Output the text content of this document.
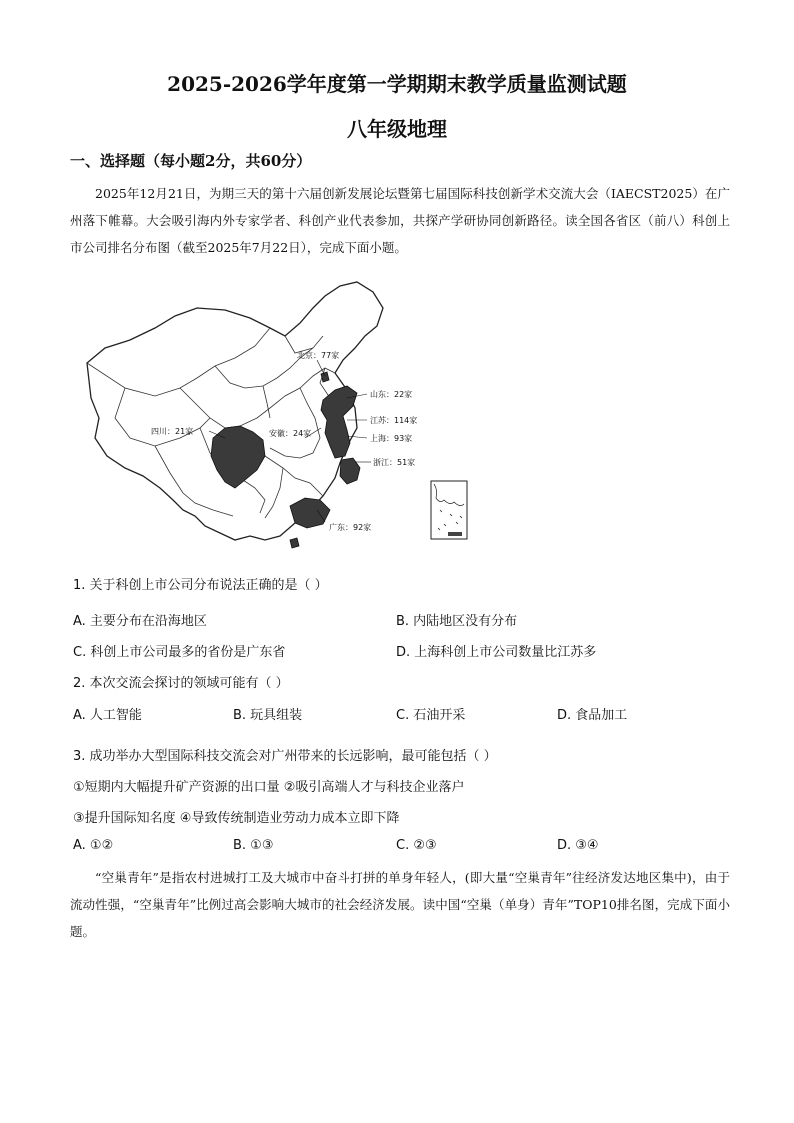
2025-2026学年度第一学期期末教学质量监测试题
八年级地理
一、选择题（每小题2分，共60分）
2025年12月21日，为期三天的第十六届创新发展论坛暨第七届国际科技创新学术交流大会（IAECST2025）在广州落下帷幕。大会吸引海内外专家学者、科创产业代表参加，共探产学研协同创新路径。读全国各省区（前八）科创上市公司排名分布图（截至2025年7月22日），完成下面小题。
北京：77家
山东：22家
江苏：114家
上海：93家
安徽：24家
四川：21家
浙江：51家
广东：92家
1. 关于科创上市公司分布说法正确的是（ ）
A. 主要分布在沿海地区	B. 内陆地区没有分布
C. 科创上市公司最多的省份是广东省	D. 上海科创上市公司数量比江苏多
2. 本次交流会探讨的领域可能有（ ）
A. 人工智能	B. 玩具组装	C. 石油开采	D. 食品加工
3. 成功举办大型国际科技交流会对广州带来的长远影响，最可能包括（ ）
①短期内大幅提升矿产资源的出口量 ②吸引高端人才与科技企业落户
③提升国际知名度 ④导致传统制造业劳动力成本立即下降
A. ①②	B. ①③	C. ②③	D. ③④
“空巢青年”是指农村进城打工及大城市中奋斗打拼的单身年轻人，(即大量“空巢青年”往经济发达地区集中)，由于流动性强，“空巢青年”比例过高会影响大城市的社会经济发展。读中国“空巢（单身）青年”TOP10排名图，完成下面小题。
